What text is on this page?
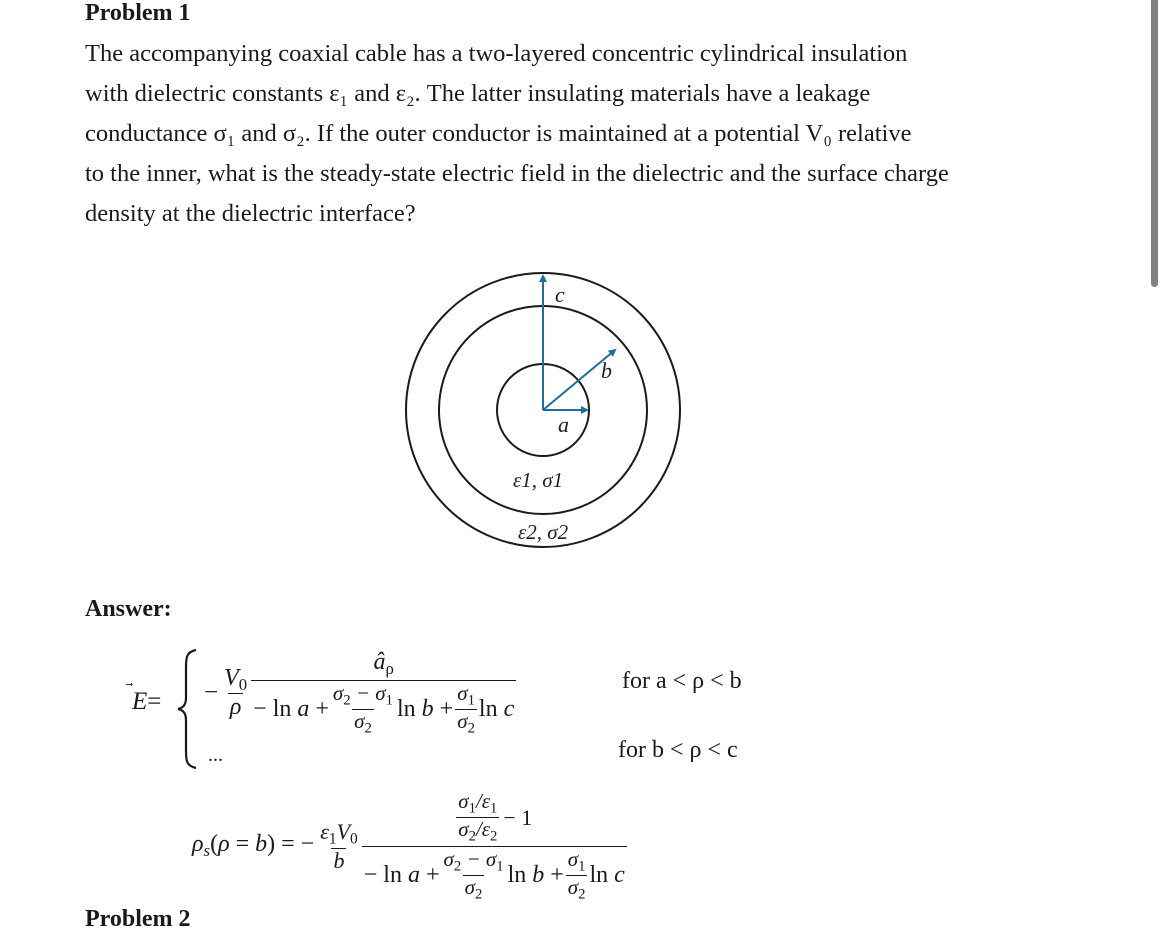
Problem 1
The accompanying coaxial cable has a two-layered concentric cylindrical insulation
with dielectric constants ε₁ and ε₂. The latter insulating materials have a leakage
conductance σ₁ and σ₂. If the outer conductor is maintained at a potential V₀ relative
to the inner, what is the steady-state electric field in the dielectric and the surface charge
density at the dielectric interface?
c
b
a
ε1, σ1
ε2, σ2
Answer:
$E= - \frac{V_0}{\rho}$
$â_\rho$
− $\ln a + \frac{\sigma_2 - \sigma_1}{\sigma_2}$ $\ln b + \frac{\sigma_1}{\sigma_2}$ ln c
for a < ρ < b
...	for b < ρ < c
$\rho_s(\rho = b)$ = − $\frac{\varepsilon_1V_0}{b}$
$\frac{\sigma_1/\varepsilon_1}{\sigma_2/\varepsilon_2} - 1$
− $\ln a + \frac{\sigma_2 - \sigma_1}{\sigma_2}$ $\ln b + \frac{\sigma_1}{\sigma_2}$ ln c
Problem 2
